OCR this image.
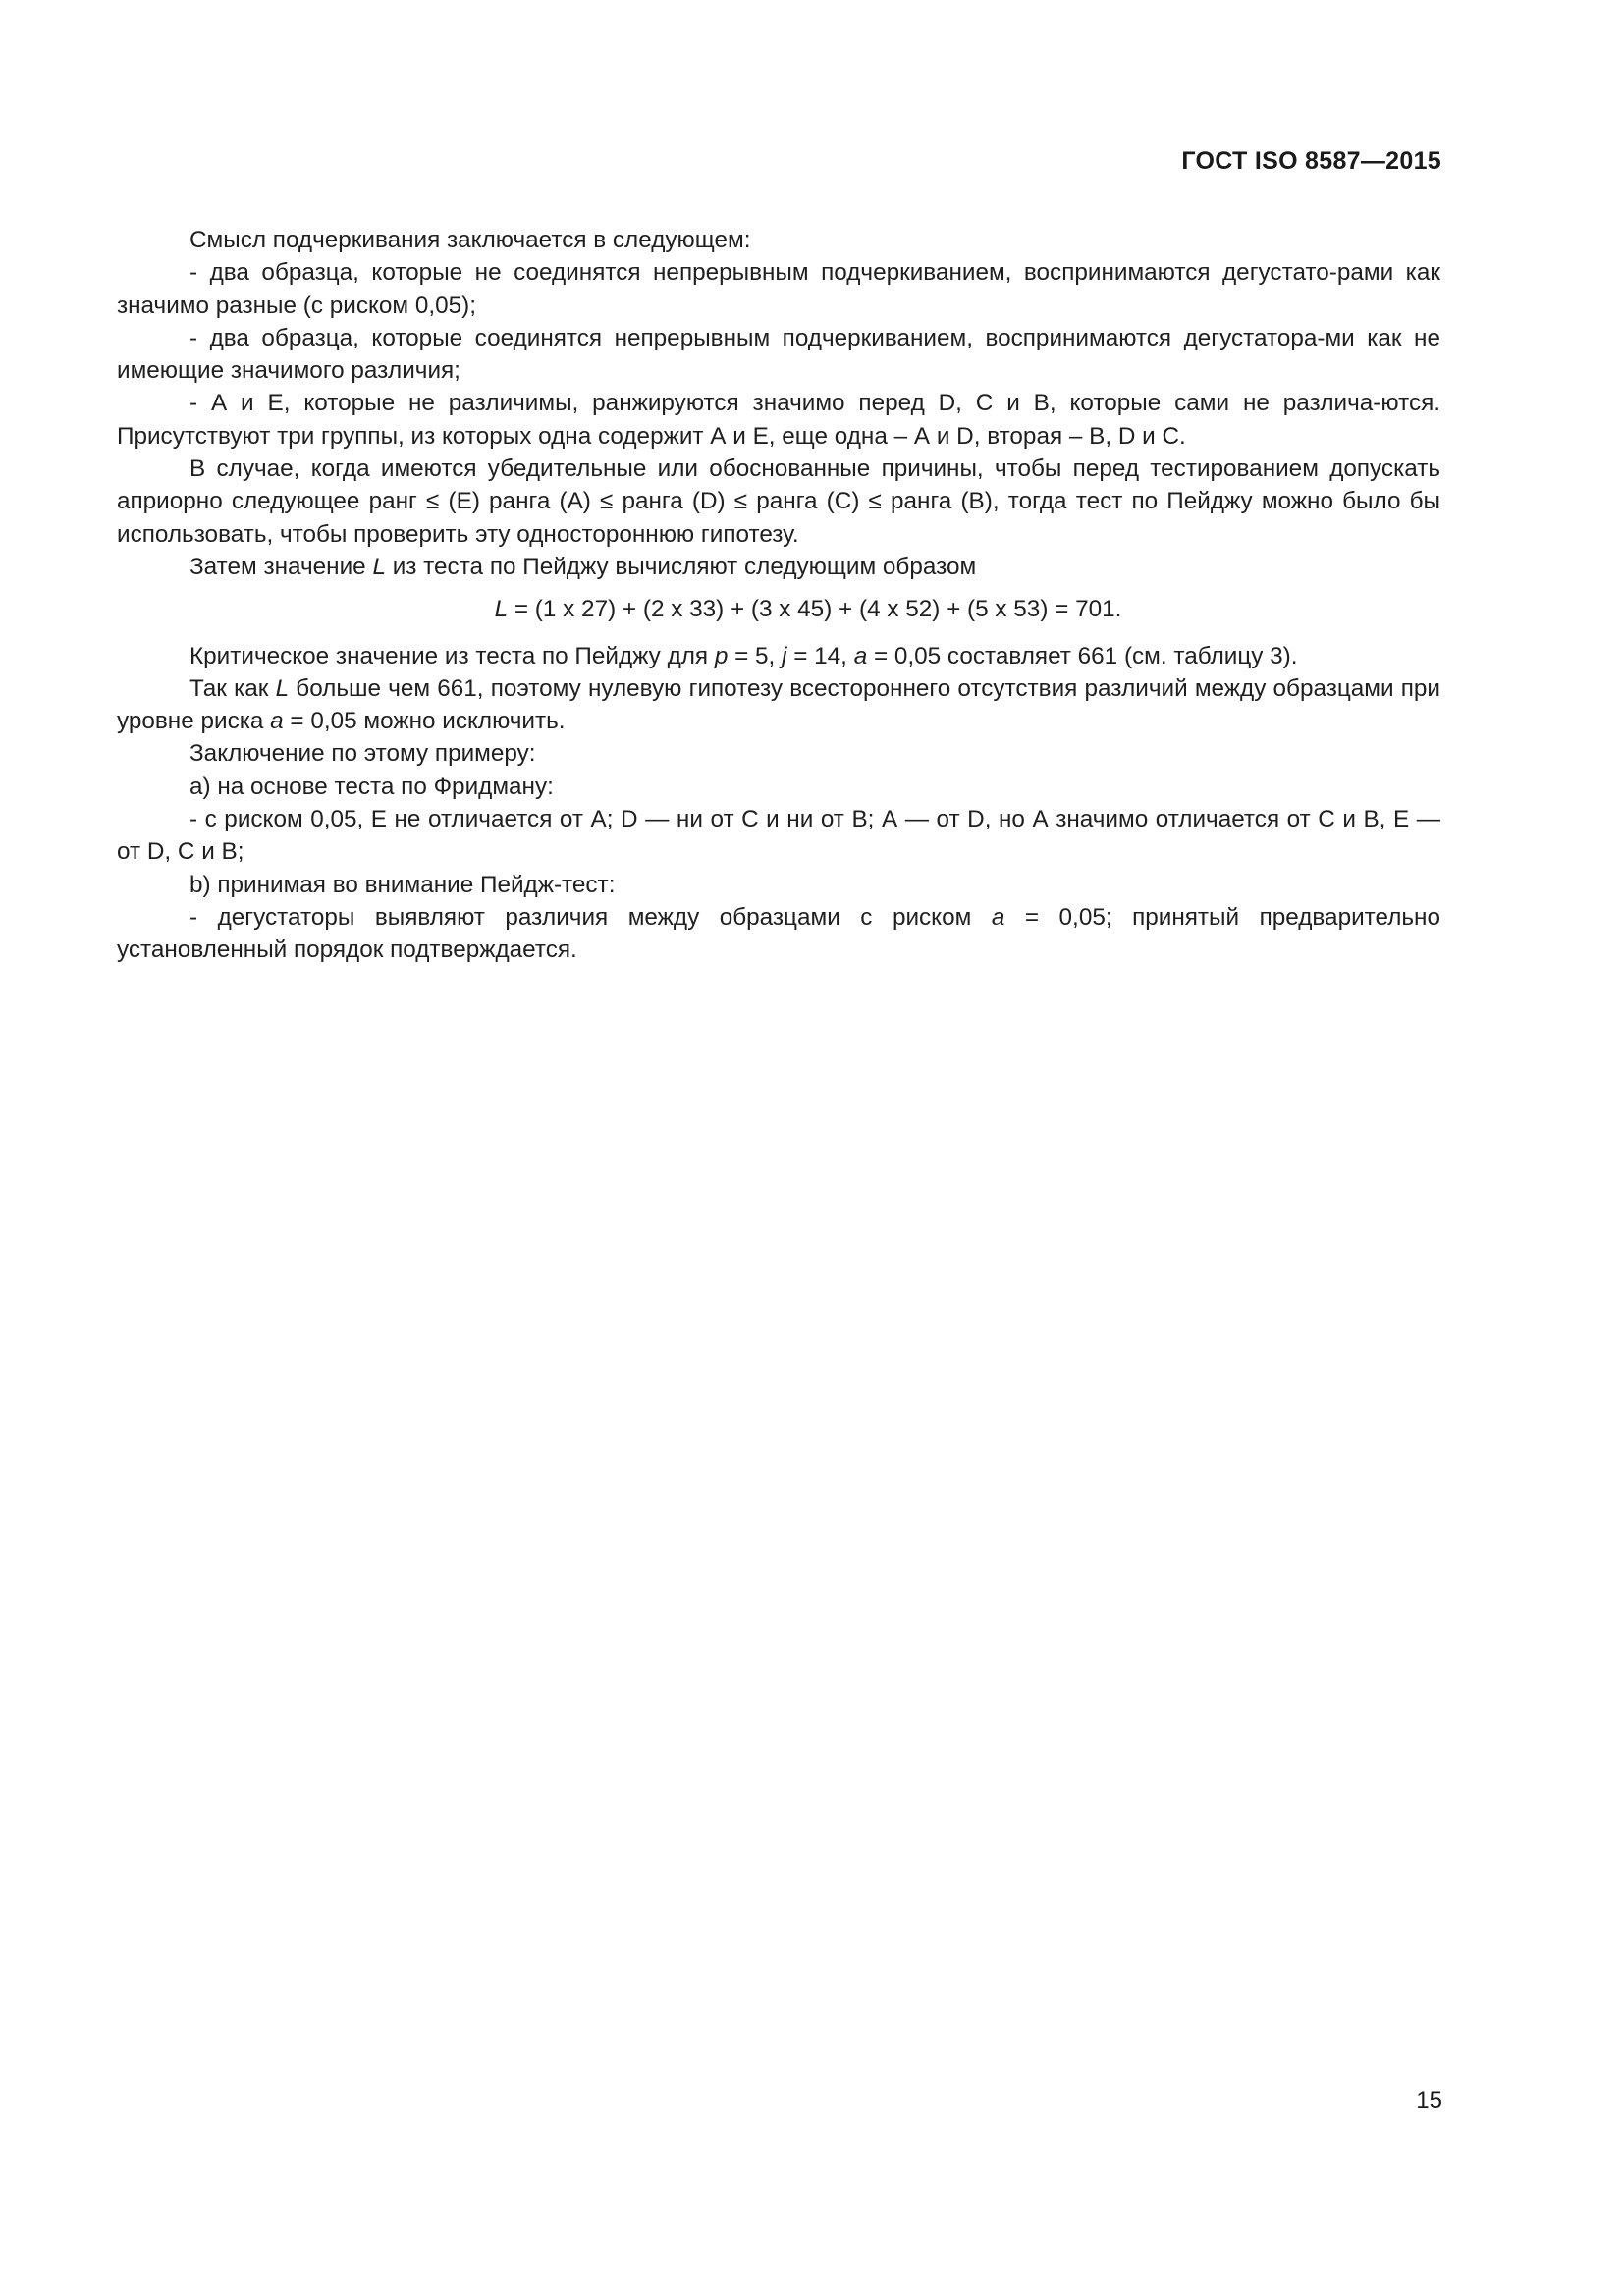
ГОСТ ISO 8587—2015

Смысл подчеркивания заключается в следующем:

- два образца, которые не соединятся непрерывным подчеркиванием, воспринимаются дегустато-рами как значимо разные (с риском 0,05);

- два образца, которые соединятся непрерывным подчеркиванием, воспринимаются дегустатора-ми как не имеющие значимого различия;

- А и Е, которые не различимы, ранжируются значимо перед D, С и В, которые сами не различа-ются. Присутствуют три группы, из которых одна содержит А и Е, еще одна – А и D, вторая – В, D и С.

В случае, когда имеются убедительные или обоснованные причины, чтобы перед тестированием допускать априорно следующее ранг ≤ (Е) ранга (А) ≤ ранга (D) ≤ ранга (С) ≤ ранга (В), тогда тест по Пейджу можно было бы использовать, чтобы проверить эту одностороннюю гипотезу.

Затем значение L из теста по Пейджу вычисляют следующим образом

L = (1 x 27) + (2 x 33) + (3 x 45) + (4 x 52) + (5 x 53) = 701.

Критическое значение из теста по Пейджу для p = 5, j = 14, a = 0,05 составляет 661 (см. таблицу 3).

Так как L больше чем 661, поэтому нулевую гипотезу всестороннего отсутствия различий между образцами при уровне риска a = 0,05 можно исключить.

Заключение по этому примеру:

а) на основе теста по Фридману:

- с риском 0,05, Е не отличается от А; D — ни от С и ни от В; А — от D, но А значимо отличается от С и В, Е — от D, С и В;

b) принимая во внимание Пейдж-тест:

- дегустаторы выявляют различия между образцами с риском a = 0,05; принятый предварительно установленный порядок подтверждается.

15
